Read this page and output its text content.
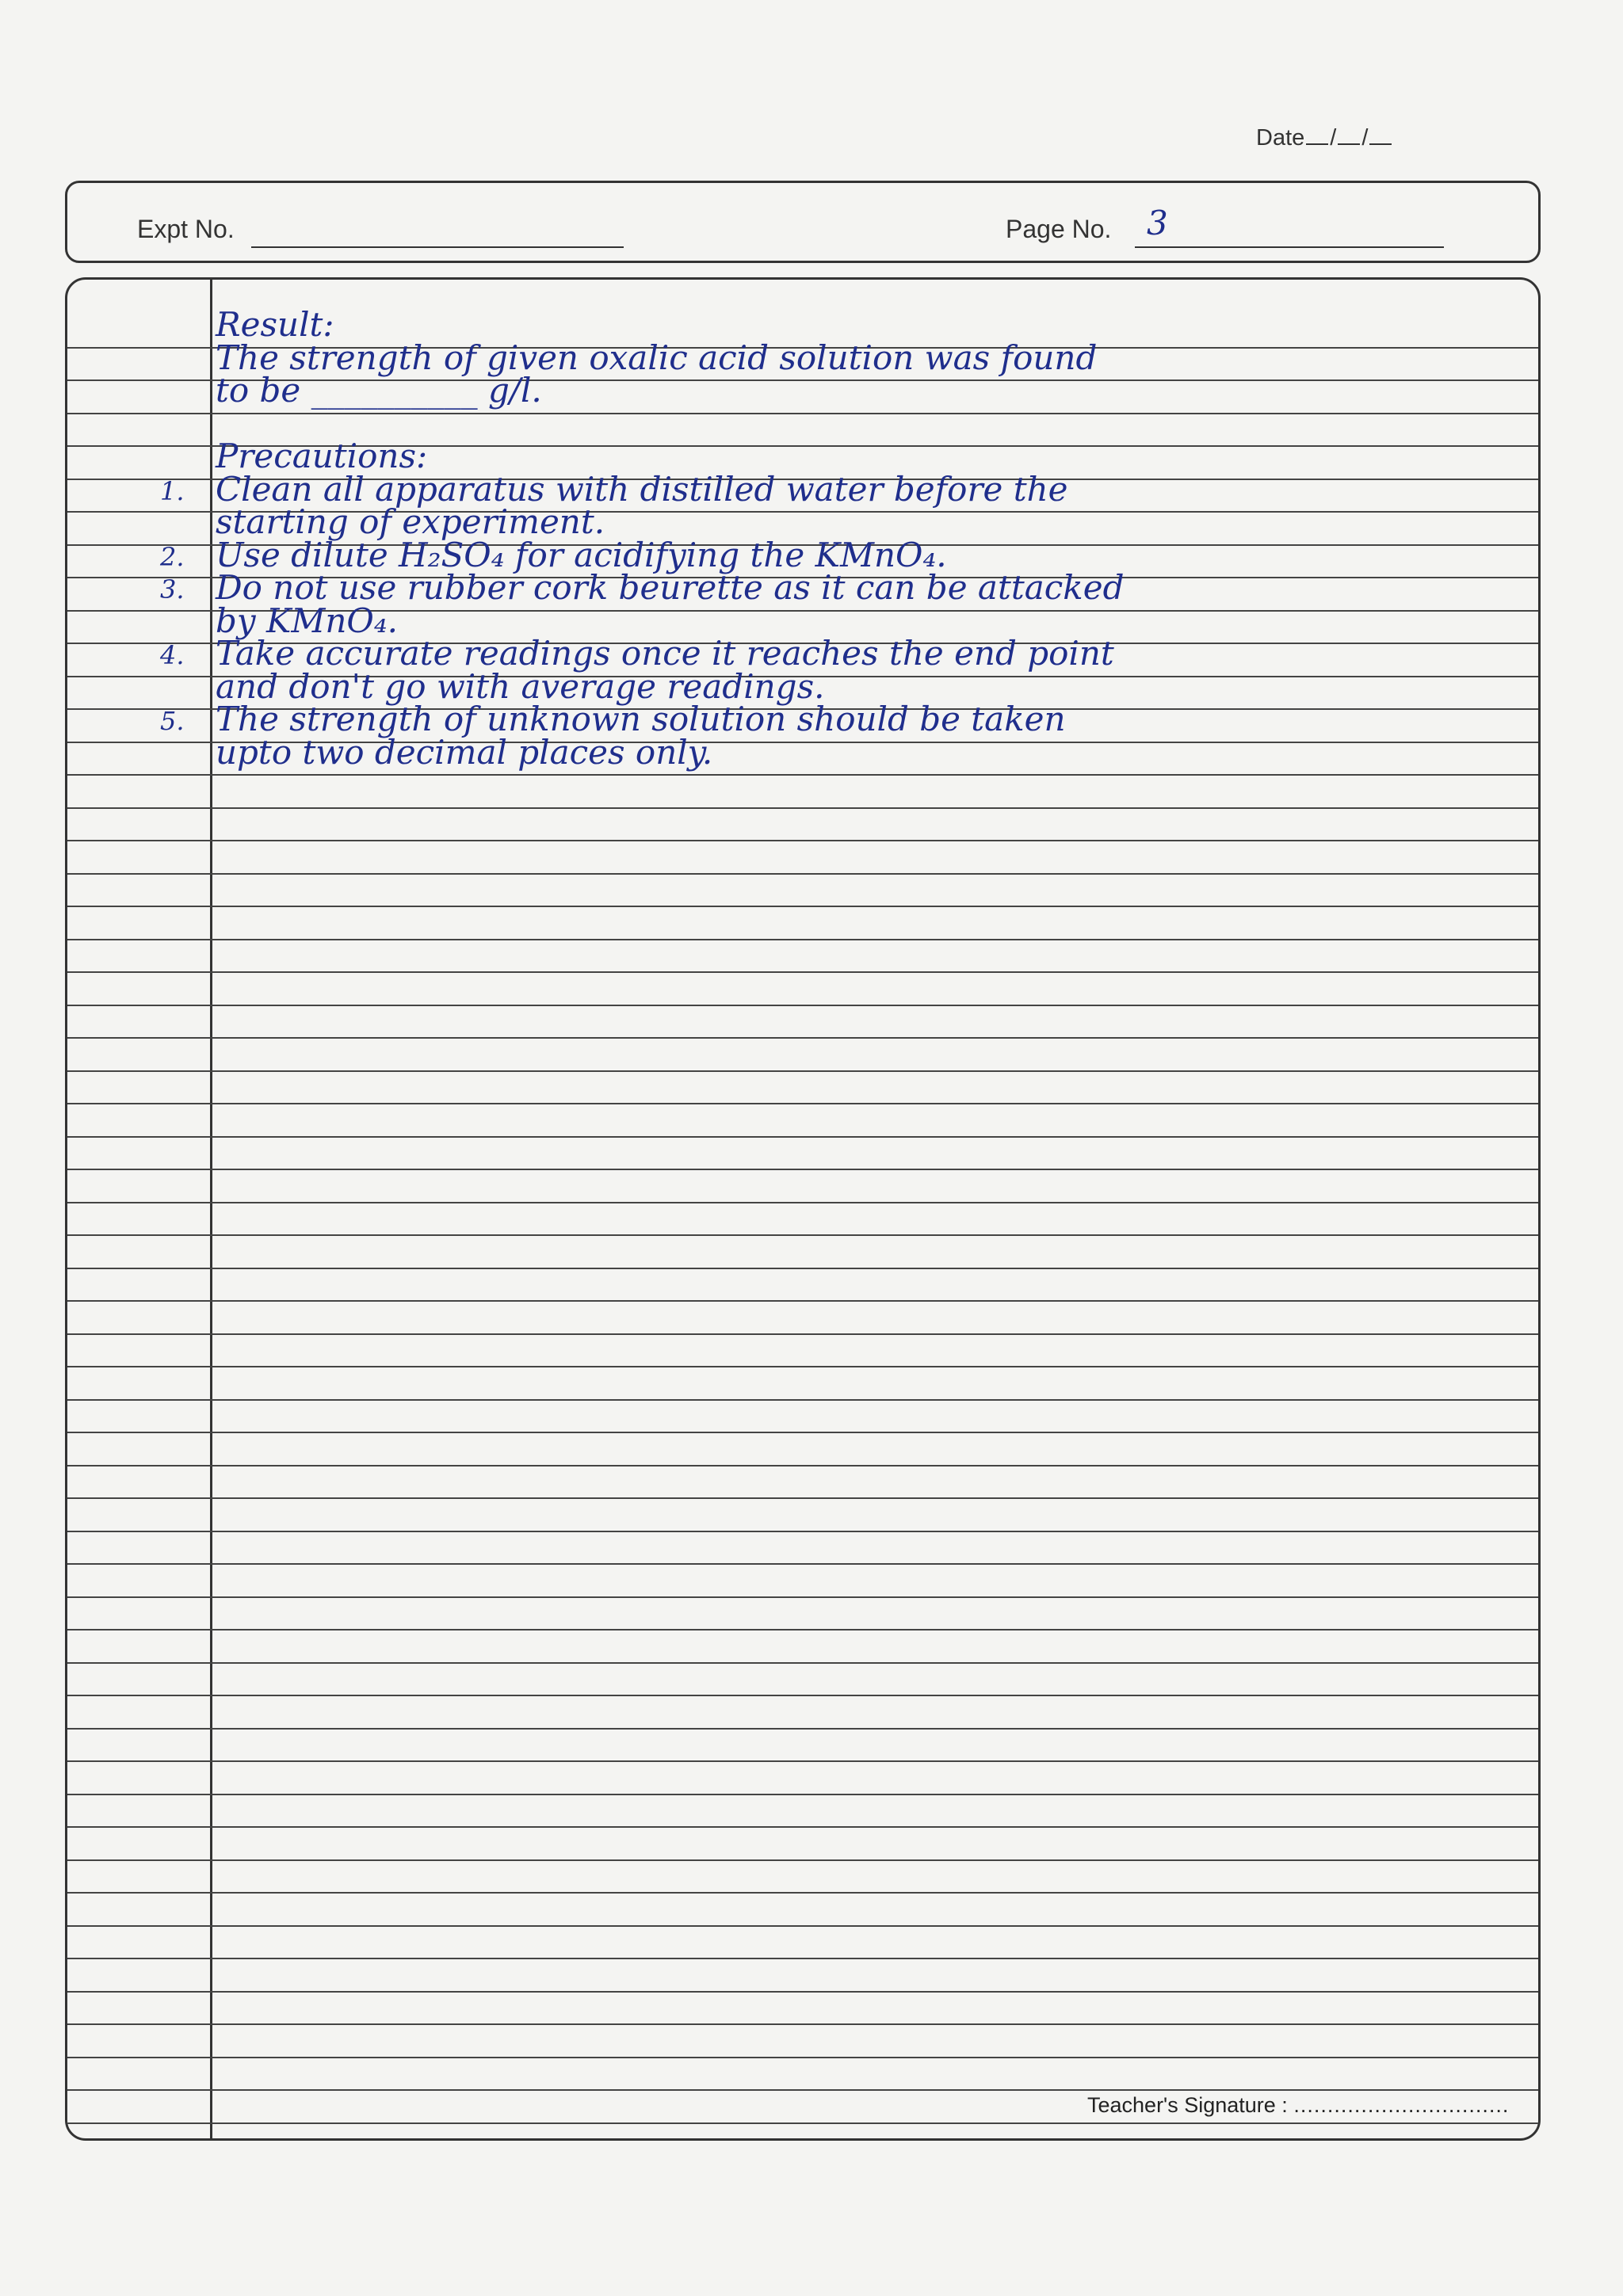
Date / /
Expt No.	Page No. 3
Result:
The strength of given oxalic acid solution was found
to be __________ g/l.
Precautions:
1. Clean all apparatus with distilled water before the
starting of experiment.
2. Use dilute H₂SO₄ for acidifying the KMnO₄.
3. Do not use rubber cork beurette as it can be attacked
by KMnO₄.
4. Take accurate readings once it reaches the end point
and don't go with average readings.
5. The strength of unknown solution should be taken
upto two decimal places only.
Teacher's Signature : ................................
